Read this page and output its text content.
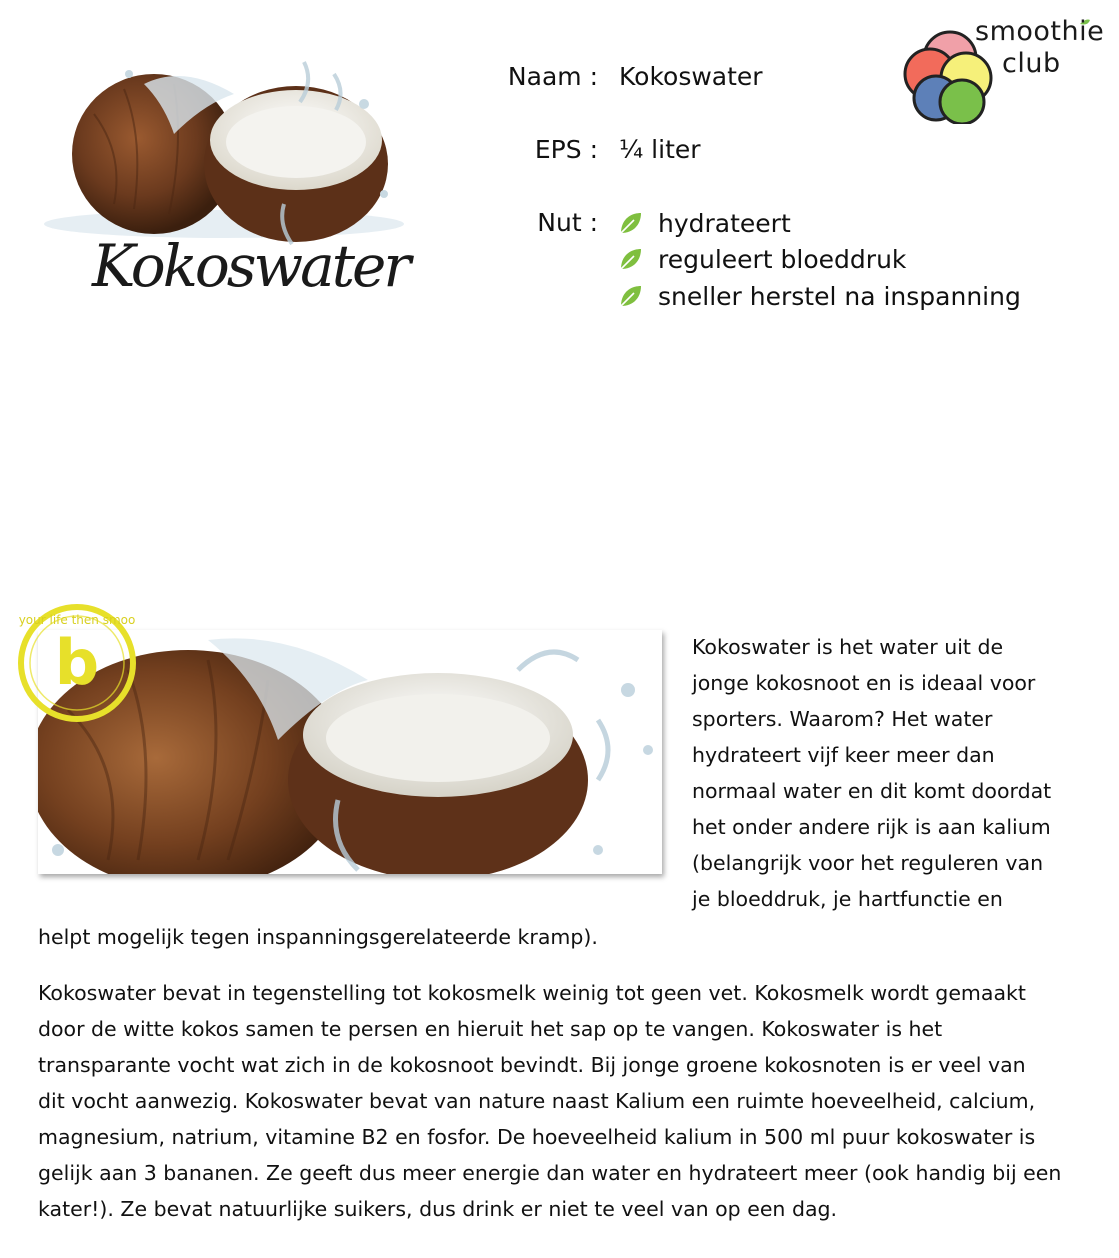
Kokoswater
Naam : Kokoswater
EPS : ¼ liter
Nut : hydrateert
reguleert bloeddruk
sneller herstel na inspanning
smoothie
club
b
your life then smoo
Kokoswater is het water uit de
jonge kokosnoot en is ideaal voor
sporters. Waarom? Het water
hydrateert vijf keer meer dan
normaal water en dit komt doordat
het onder andere rijk is aan kalium
(belangrijk voor het reguleren van
je bloeddruk, je hartfunctie en
helpt mogelijk tegen inspanningsgerelateerde kramp).
Kokoswater bevat in tegenstelling tot kokosmelk weinig tot geen vet. Kokosmelk wordt gemaakt
door de witte kokos samen te persen en hieruit het sap op te vangen. Kokoswater is het
transparante vocht wat zich in de kokosnoot bevindt. Bij jonge groene kokosnoten is er veel van
dit vocht aanwezig. Kokoswater bevat van nature naast Kalium een ruimte hoeveelheid, calcium,
magnesium, natrium, vitamine B2 en fosfor. De hoeveelheid kalium in 500 ml puur kokoswater is
gelijk aan 3 bananen. Ze geeft dus meer energie dan water en hydrateert meer (ook handig bij een
kater!). Ze bevat natuurlijke suikers, dus drink er niet te veel van op een dag.
